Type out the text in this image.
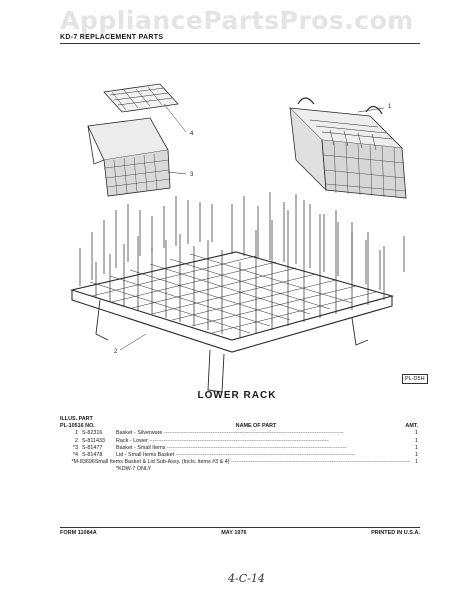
AppliancePartsPros.com
KD-7 REPLACEMENT PARTS
1
2
3
4
PL-D5H
LOWER RACK
ILLUS. PART
PL-10516 NO.	NAME OF PART	AMT.
1 S-82316	Basket - Silverware ----------------------------------------------------------------------------------------------------	1
2 S-811433	Rack - Lower ----------------------------------------------------------------------------------------------------	1
*3 S-81477	Basket - Small Items ----------------------------------------------------------------------------------------------------	1
*4 S-81478	Lid - Small Items Basket ----------------------------------------------------------------------------------------------------	1
*M-83696 Small Items Basket & Lid Sub-Assy. (Incls. items #3 & 4) ---------------------------------------------------------------------------------------------------- 1
*KDW-7 ONLY
FORM 11084A	MAY 1976	PRINTED IN U.S.A.
4-C-14
